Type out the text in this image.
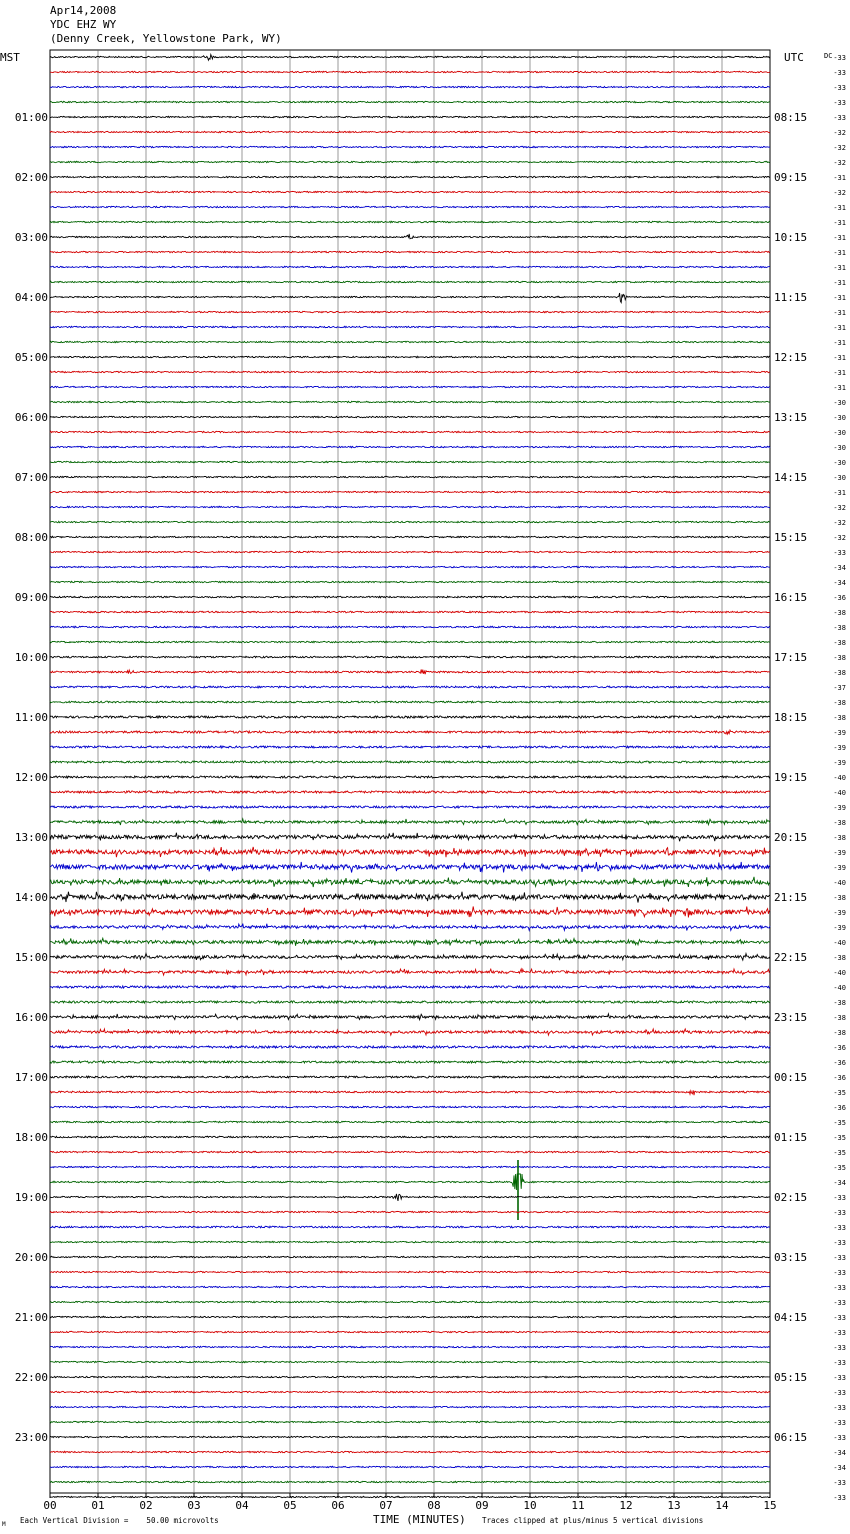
Apr14,2008
YDC EHZ WY
(Denny Creek, Yellowstone Park, WY)
01:00
02:00
03:00
04:00
05:00
06:00
07:00
08:00
09:00
10:00
11:00
12:00
13:00
14:00
15:00
16:00
17:00
18:00
19:00
20:00
21:00
22:00
23:00
08:15
09:15
10:15
11:15
12:15
13:15
14:15
15:15
16:15
17:15
18:15
19:15
20:15
21:15
22:15
23:15
00:15
01:15
02:15
03:15
04:15
05:15
06:15
-33
-33
-33
-33
-33
-32
-32
-32
-31
-32
-31
-31
-31
-31
-31
-31
-31
-31
-31
-31
-31
-31
-31
-30
-30
-30
-30
-30
-30
-31
-32
-32
-32
-33
-34
-34
-36
-38
-38
-38
-38
-38
-37
-38
-38
-39
-39
-39
-40
-40
-39
-38
-38
-39
-39
-40
-38
-39
-39
-40
-38
-40
-40
-38
-38
-38
-36
-36
-36
-35
-36
-35
-35
-35
-35
-34
-33
-33
-33
-33
-33
-33
-33
-33
-33
-33
-33
-33
-33
-33
-33
-33
-33
-34
-34
-33
-33
00	01	02	03	04	05	06	07	08	09	10	11	12	13	14	15
MST	UTC	DC
TIME (MINUTES)
M Each Vertical Division =    50.00 microvolts	Traces clipped at plus/minus 5 vertical divisions
